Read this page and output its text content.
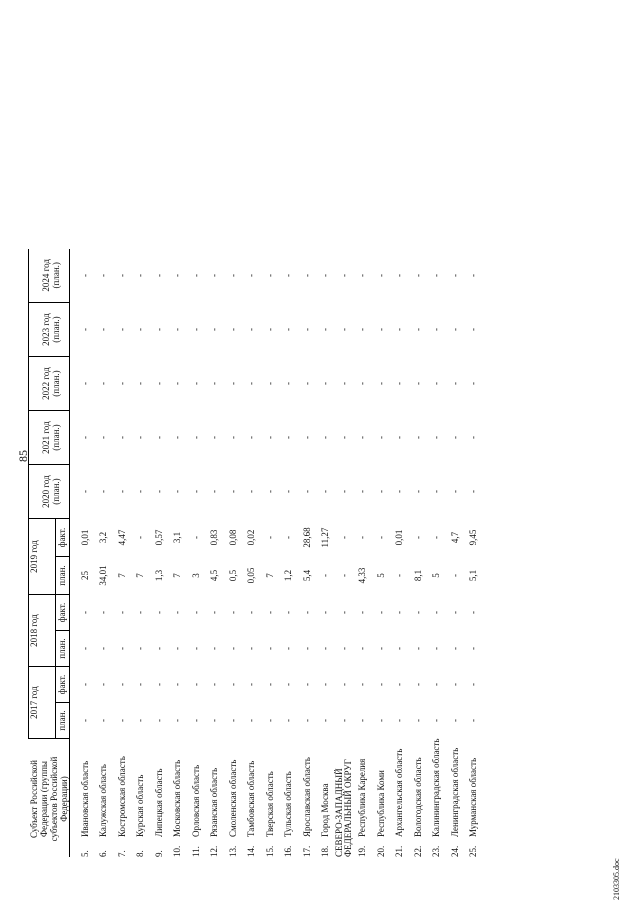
85
Субъект Российской Федерации (группы субъектов Российской Федерации)	2017 год		2018 год		2019 год		2020 год (план.)	2021 год (план.)	2022 год (план.)	2023 год (план.)	2024 год (план.)
	план.	факт.	план.	факт.	план.	факт.					
5.Ивановская область	-	-	-	-	25	0,01	-	-	-	-	-
6.Калужская область	-	-	-	-	34,01	3,2	-	-	-	-	-
7.Костромская область	-	-	-	-	7	4,47	-	-	-	-	-
8.Курская область	-	-	-	-	7	-	-	-	-	-	-
9.Липецкая область	-	-	-	-	1,3	0,57	-	-	-	-	-
10.Московская область	-	-	-	-	7	3,1	-	-	-	-	-
11.Орловская область	-	-	-	-	3	-	-	-	-	-	-
12.Рязанская область	-	-	-	-	4,5	0,83	-	-	-	-	-
13.Смоленская область	-	-	-	-	0,5	0,08	-	-	-	-	-
14.Тамбовская область	-	-	-	-	0,05	0,02	-	-	-	-	-
15.Тверская область	-	-	-	-	7	-	-	-	-	-	-
16.Тульская область	-	-	-	-	1,2	-	-	-	-	-	-
17.Ярославская область	-	-	-	-	5,4	28,68	-	-	-	-	-
18.Город Москва	-	-	-	-	-	11,27	-	-	-	-	-
СЕВЕРО-ЗАПАДНЫЙ ФЕДЕРАЛЬНЫЙ ОКРУГ	-	-	-	-	-	-	-	-	-	-	-
19.Республика Карелия	-	-	-	-	4,33	-	-	-	-	-	-
20.Республика Коми	-	-	-	-	5	-	-	-	-	-	-
21.Архангельская область	-	-	-	-	-	0,01	-	-	-	-	-
22.Вологодская область	-	-	-	-	8,1	-	-	-	-	-	-
23.Калининградская область	-	-	-	-	5	-	-	-	-	-	-
24.Ленинградская область	-	-	-	-	-	4,7	-	-	-	-	-
25.Мурманская область	-	-	-	-	5,1	9,45	-	-	-	-	-
2103305.doc
